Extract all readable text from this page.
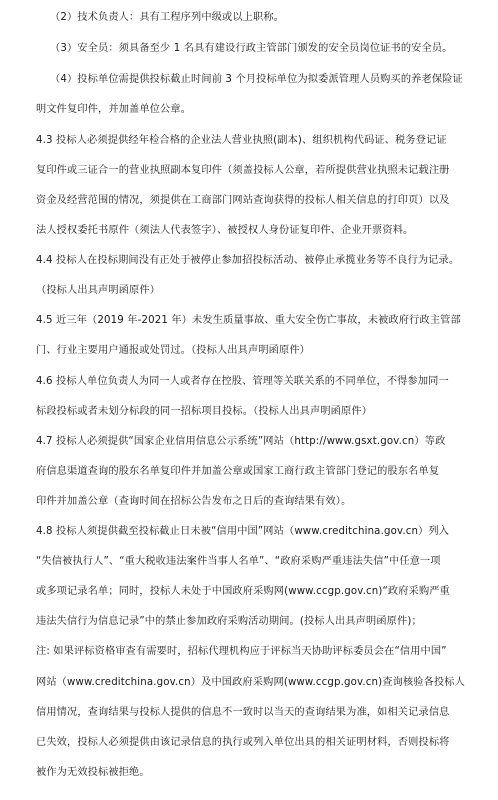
（2）技术负责人：具有工程序列中级或以上职称。
（3）安全员：须具备至少 1 名具有建设行政主管部门颁发的安全员岗位证书的安全员。
（4）投标单位需提供投标截止时间前 3 个月投标单位为拟委派管理人员购买的养老保险证
明文件复印件，并加盖单位公章。
4.3 投标人必须提供经年检合格的企业法人营业执照(副本)、组织机构代码证、税务登记证
复印件或三证合一的营业执照副本复印件（须盖投标人公章，若所提供营业执照未记载注册
资金及经营范围的情况，须提供在工商部门网站查询获得的投标人相关信息的打印页）以及
法人授权委托书原件（须法人代表签字）、被授权人身份证复印件、企业开票资料。
4.4 投标人在投标期间没有正处于被停止参加招投标活动、被停止承揽业务等不良行为记录。
（投标人出具声明函原件）
4.5 近三年（2019 年-2021 年）未发生质量事故、重大安全伤亡事故，未被政府行政主管部
门、行业主要用户通报或处罚过。（投标人出具声明函原件）
4.6 投标人单位负责人为同一人或者存在控股、管理等关联关系的不同单位，不得参加同一
标段投标或者未划分标段的同一招标项目投标。（投标人出具声明函原件）
4.7 投标人必须提供“国家企业信用信息公示系统”网站（http://www.gsxt.gov.cn）等政
府信息渠道查询的股东名单复印件并加盖公章或国家工商行政主管部门登记的股东名单复
印件并加盖公章（查询时间在招标公告发布之日后的查询结果有效）。
4.8 投标人须提供截至投标截止日未被“信用中国”网站（www.creditchina.gov.cn）列入
“失信被执行人”、“重大税收违法案件当事人名单”、“政府采购严重违法失信”中任意一项
或多项记录名单；同时，投标人未处于中国政府采购网(www.ccgp.gov.cn)“政府采购严重
违法失信行为信息记录”中的禁止参加政府采购活动期间。(投标人出具声明函原件)；
注: 如果评标资格审查有需要时，招标代理机构应于评标当天协助评标委员会在“信用中国”
网站（www.creditchina.gov.cn）及中国政府采购网(www.ccgp.gov.cn)查询核验各投标人
信用情况，查询结果与投标人提供的信息不一致时以当天的查询结果为准，如相关记录信息
已失效，投标人必须提供由该记录信息的执行或列入单位出具的相关证明材料，否则投标将
被作为无效投标被拒绝。
